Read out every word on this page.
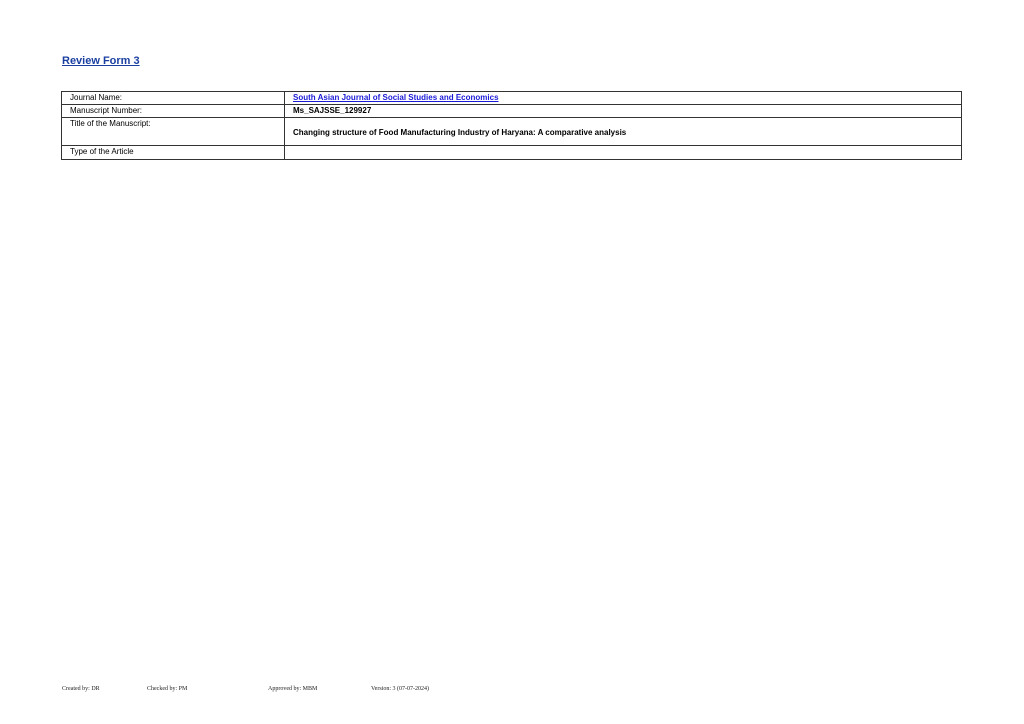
Review Form 3
Journal Name:	South Asian Journal of Social Studies and Economics
Manuscript Number:	Ms_SAJSSE_129927
Title of the Manuscript:	Changing structure of Food Manufacturing Industry of Haryana: A comparative analysis
Type of the Article	
Created by: DR	Checked by: PM	Approved by: MBM	Version: 3 (07-07-2024)
